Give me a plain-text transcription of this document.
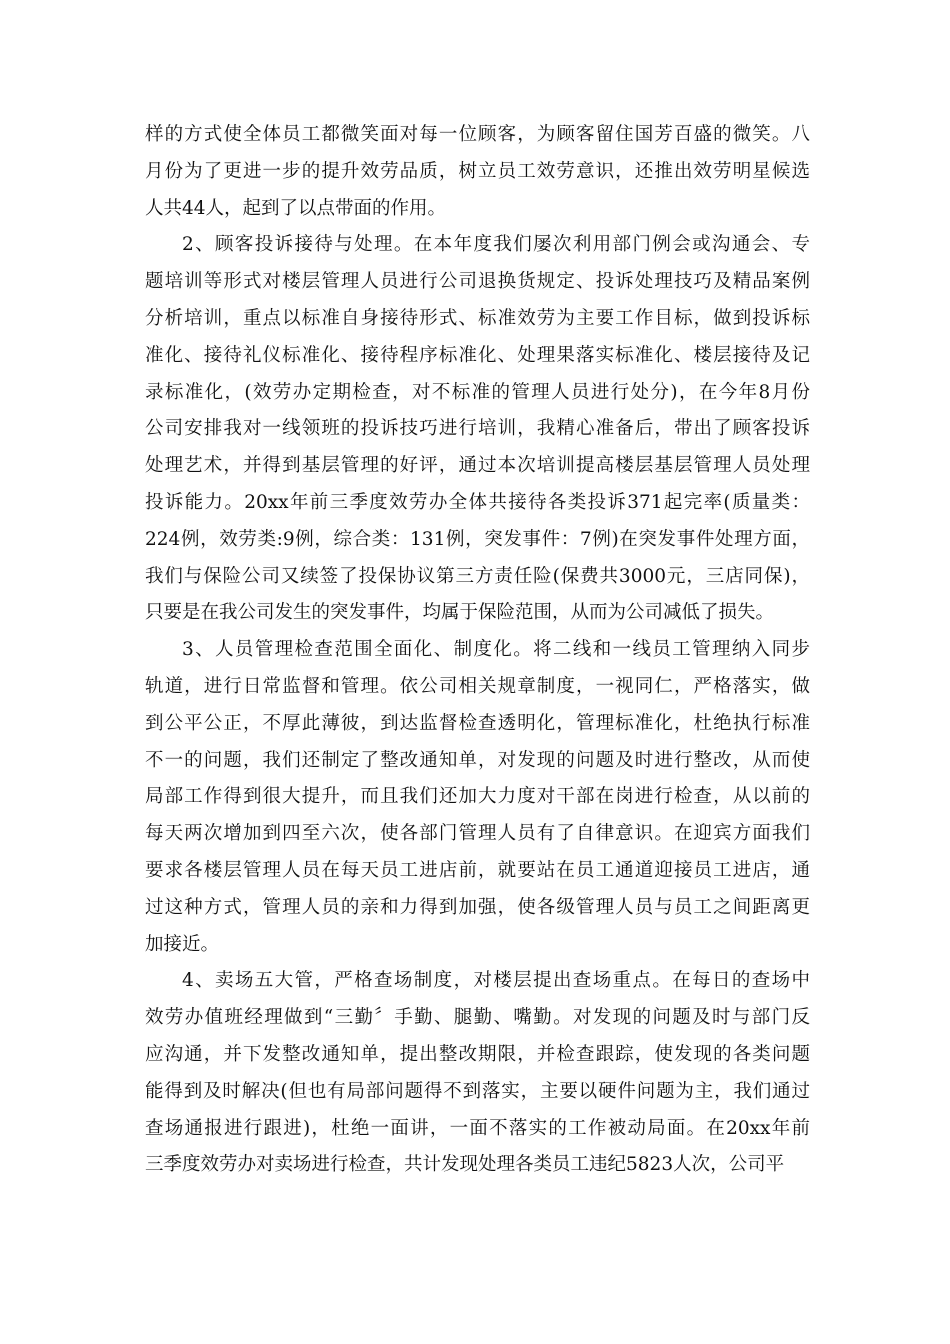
样的方式使全体员工都微笑面对每一位顾客，为顾客留住国芳百盛的微笑。八
月份为了更进一步的提升效劳品质，树立员工效劳意识，还推出效劳明星候选
人共44人，起到了以点带面的作用。
2、顾客投诉接待与处理。在本年度我们屡次利用部门例会或沟通会、专
题培训等形式对楼层管理人员进行公司退换货规定、投诉处理技巧及精品案例
分析培训，重点以标准自身接待形式、标准效劳为主要工作目标，做到投诉标
准化、接待礼仪标准化、接待程序标准化、处理果落实标准化、楼层接待及记
录标准化，(效劳办定期检查，对不标准的管理人员进行处分)，在今年8月份
公司安排我对一线领班的投诉技巧进行培训，我精心准备后，带出了顾客投诉
处理艺术，并得到基层管理的好评，通过本次培训提高楼层基层管理人员处理
投诉能力。20xx年前三季度效劳办全体共接待各类投诉371起完率(质量类：
224例，效劳类:9例，综合类：131例，突发事件：7例)在突发事件处理方面，
我们与保险公司又续签了投保协议第三方责任险(保费共3000元，三店同保)，
只要是在我公司发生的突发事件，均属于保险范围，从而为公司减低了损失。
3、人员管理检查范围全面化、制度化。将二线和一线员工管理纳入同步
轨道，进行日常监督和管理。依公司相关规章制度，一视同仁，严格落实，做
到公平公正，不厚此薄彼，到达监督检查透明化，管理标准化，杜绝执行标准
不一的问题，我们还制定了整改通知单，对发现的问题及时进行整改，从而使
局部工作得到很大提升，而且我们还加大力度对干部在岗进行检查，从以前的
每天两次增加到四至六次，使各部门管理人员有了自律意识。在迎宾方面我们
要求各楼层管理人员在每天员工进店前，就要站在员工通道迎接员工进店，通
过这种方式，管理人员的亲和力得到加强，使各级管理人员与员工之间距离更
加接近。
4、卖场五大管，严格查场制度，对楼层提出查场重点。在每日的查场中
效劳办值班经理做到“三勤〞手勤、腿勤、嘴勤。对发现的问题及时与部门反
应沟通，并下发整改通知单，提出整改期限，并检查跟踪，使发现的各类问题
能得到及时解决(但也有局部问题得不到落实，主要以硬件问题为主，我们通过
查场通报进行跟进)，杜绝一面讲，一面不落实的工作被动局面。在20xx年前
三季度效劳办对卖场进行检查，共计发现处理各类员工违纪5823人次，公司平
